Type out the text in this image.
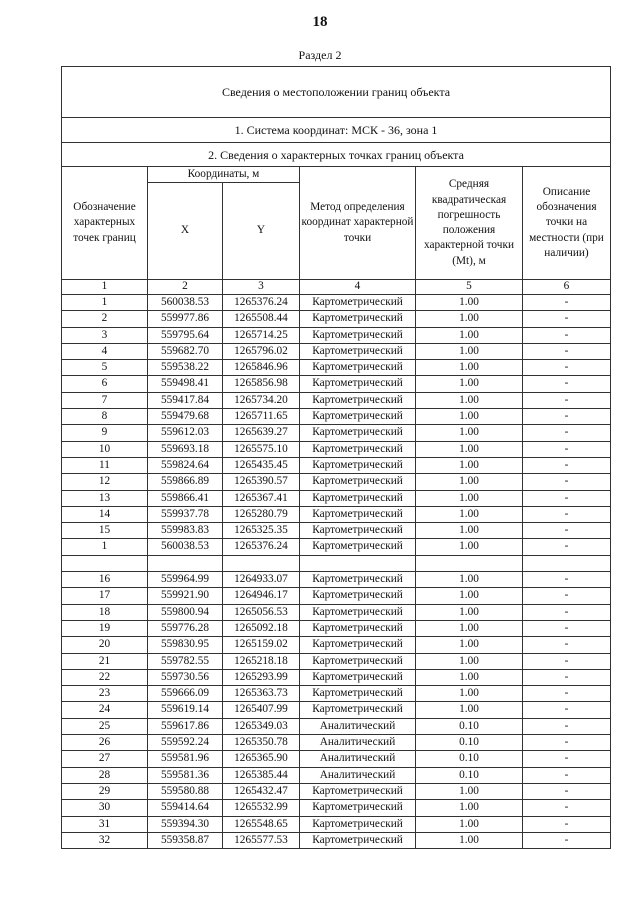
18
Раздел 2
Сведения о местоположении границ объекта					
1. Система координат: МСК - 36, зона 1					
2. Сведения о характерных точках границ объекта					
Обозначение характерных точек границ	Координаты, м		Метод определения координат характерной точки	Средняя квадратическая погрешность положения характерной точки (Mt), м	Описание обозначения точки на местности (при наличии)
	X	Y			
1	2	3	4	5	6
1	560038.53	1265376.24	Картометрический	1.00	-
2	559977.86	1265508.44	Картометрический	1.00	-
3	559795.64	1265714.25	Картометрический	1.00	-
4	559682.70	1265796.02	Картометрический	1.00	-
5	559538.22	1265846.96	Картометрический	1.00	-
6	559498.41	1265856.98	Картометрический	1.00	-
7	559417.84	1265734.20	Картометрический	1.00	-
8	559479.68	1265711.65	Картометрический	1.00	-
9	559612.03	1265639.27	Картометрический	1.00	-
10	559693.18	1265575.10	Картометрический	1.00	-
11	559824.64	1265435.45	Картометрический	1.00	-
12	559866.89	1265390.57	Картометрический	1.00	-
13	559866.41	1265367.41	Картометрический	1.00	-
14	559937.78	1265280.79	Картометрический	1.00	-
15	559983.83	1265325.35	Картометрический	1.00	-
1	560038.53	1265376.24	Картометрический	1.00	-

16	559964.99	1264933.07	Картометрический	1.00	-
17	559921.90	1264946.17	Картометрический	1.00	-
18	559800.94	1265056.53	Картометрический	1.00	-
19	559776.28	1265092.18	Картометрический	1.00	-
20	559830.95	1265159.02	Картометрический	1.00	-
21	559782.55	1265218.18	Картометрический	1.00	-
22	559730.56	1265293.99	Картометрический	1.00	-
23	559666.09	1265363.73	Картометрический	1.00	-
24	559619.14	1265407.99	Картометрический	1.00	-
25	559617.86	1265349.03	Аналитический	0.10	-
26	559592.24	1265350.78	Аналитический	0.10	-
27	559581.96	1265365.90	Аналитический	0.10	-
28	559581.36	1265385.44	Аналитический	0.10	-
29	559580.88	1265432.47	Картометрический	1.00	-
30	559414.64	1265532.99	Картометрический	1.00	-
31	559394.30	1265548.65	Картометрический	1.00	-
32	559358.87	1265577.53	Картометрический	1.00	-
